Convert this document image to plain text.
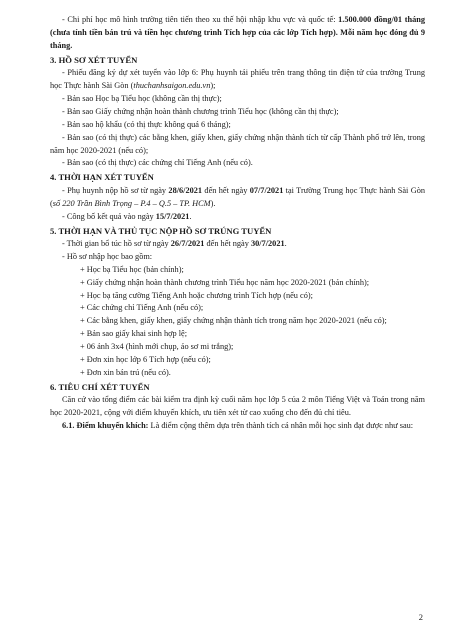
- Chi phí học mô hình trường tiên tiến theo xu thế hội nhập khu vực và quốc tế: 1.500.000 đồng/01 tháng (chưa tính tiền bán trú và tiền học chương trình Tích hợp của các lớp Tích hợp). Mỗi năm học đóng đủ 9 tháng.

3. HỒ SƠ XÉT TUYỂN

- Phiếu đăng ký dự xét tuyển vào lớp 6: Phụ huynh tải phiếu trên trang thông tin điện tử của trường Trung học Thực hành Sài Gòn (thuchanhsaigon.edu.vn);

- Bản sao Học bạ Tiểu học (không cần thị thực);

- Bản sao Giấy chứng nhận hoàn thành chương trình Tiểu học (không cần thị thực);

- Bản sao hộ khẩu (có thị thực không quá 6 tháng);

- Bản sao (có thị thực) các bằng khen, giấy khen, giấy chứng nhận thành tích từ cấp Thành phố trở lên, trong năm học 2020-2021 (nếu có);

- Bản sao (có thị thực) các chứng chỉ Tiếng Anh (nếu có).

4. THỜI HẠN XÉT TUYỂN

- Phụ huynh nộp hồ sơ từ ngày 28/6/2021 đến hết ngày 07/7/2021 tại Trường Trung học Thực hành Sài Gòn (số 220 Trần Bình Trọng – P.4 – Q.5 – TP. HCM).

- Công bố kết quả vào ngày 15/7/2021.

5. THỜI HẠN VÀ THỦ TỤC NỘP HỒ SƠ TRÚNG TUYỂN

- Thời gian bổ túc hồ sơ từ ngày 26/7/2021 đến hết ngày 30/7/2021.

- Hồ sơ nhập học bao gồm:

+ Học bạ Tiểu học (bản chính);

+ Giấy chứng nhận hoàn thành chương trình Tiểu học năm học 2020-2021 (bản chính);

+ Học bạ tăng cường Tiếng Anh hoặc chương trình Tích hợp (nếu có);

+ Các chứng chỉ Tiếng Anh (nếu có);

+ Các bằng khen, giấy khen, giấy chứng nhận thành tích trong năm học 2020-2021 (nếu có);

+ Bản sao giấy khai sinh hợp lệ;

+ 06 ảnh 3x4 (hình mới chụp, áo sơ mi trắng);

+ Đơn xin học lớp 6 Tích hợp (nếu có);

+ Đơn xin bán trú (nếu có).

6. TIÊU CHÍ XÉT TUYỂN

Căn cứ vào tổng điểm các bài kiểm tra định kỳ cuối năm học lớp 5 của 2 môn Tiếng Việt và Toán trong năm học 2020-2021, cộng với điểm khuyến khích, ưu tiên xét từ cao xuống cho đến đủ chỉ tiêu.

6.1. Điểm khuyến khích: Là điểm cộng thêm dựa trên thành tích cá nhân mỗi học sinh đạt được như sau:

2
